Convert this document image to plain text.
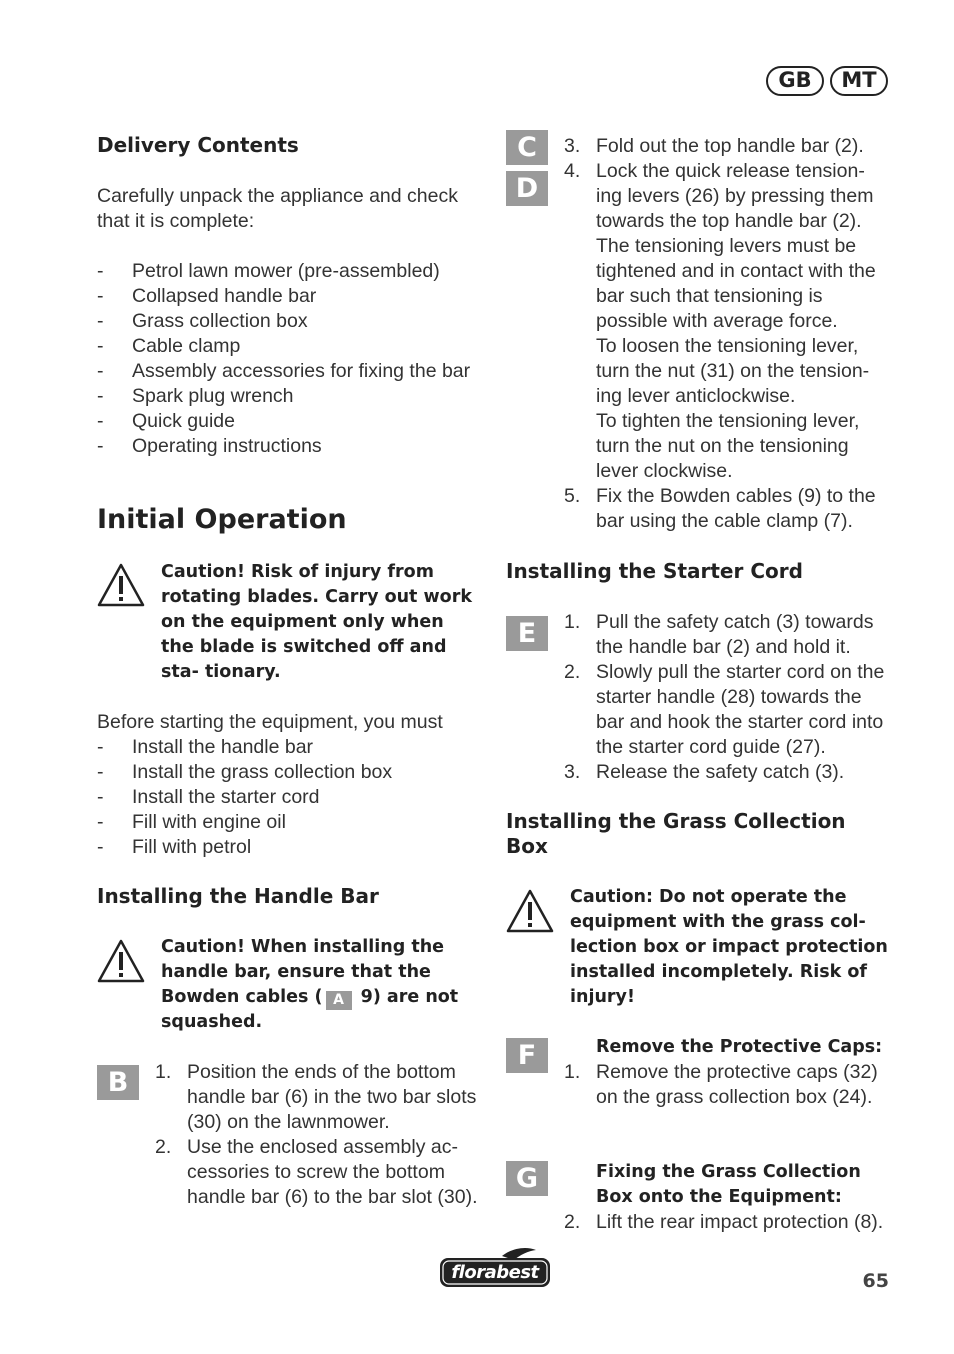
GB	MT
Delivery Contents
Carefully unpack the appliance and check that it is complete:
- Petrol lawn mower (pre-assembled)
- Collapsed handle bar
- Grass collection box
- Cable clamp
- Assembly accessories for fixing the bar
- Spark plug wrench
- Quick guide
- Operating instructions
Initial Operation
Caution! Risk of injury from rotating blades. Carry out work on the equipment only when the blade is switched off and sta- tionary.
Before starting the equipment, you must
- Install the handle bar
- Install the grass collection box
- Install the starter cord
- Fill with engine oil
- Fill with petrol
Installing the Handle Bar
Caution! When installing the handle bar, ensure that the Bowden cables ( A 9) are not squashed.
B	1. Position the ends of the bottom handle bar (6) in the two bar slots (30) on the lawnmower.
2. Use the enclosed assembly ac- cessories to screw the bottom handle bar (6) to the bar slot (30).
C
D
3. Fold out the top handle bar (2).
4. Lock the quick release tension- ing levers (26) by pressing them towards the top handle bar (2). The tensioning levers must be tightened and in contact with the bar such that tensioning is possible with average force.
To loosen the tensioning lever, turn the nut (31) on the tension- ing lever anticlockwise.
To tighten the tensioning lever, turn the nut on the tensioning lever clockwise.
5. Fix the Bowden cables (9) to the bar using the cable clamp (7).
Installing the Starter Cord
E	1. Pull the safety catch (3) towards the handle bar (2) and hold it.
2. Slowly pull the starter cord on the starter handle (28) towards the bar and hook the starter cord into the starter cord guide (27).
3. Release the safety catch (3).
Installing the Grass Collection Box
Caution: Do not operate the equipment with the grass col- lection box or impact protection installed incompletely. Risk of injury!
F	Remove the Protective Caps:
1. Remove the protective caps (32) on the grass collection box (24).
G	Fixing the Grass Collection Box onto the Equipment:
2. Lift the rear impact protection (8).
florabest	65
